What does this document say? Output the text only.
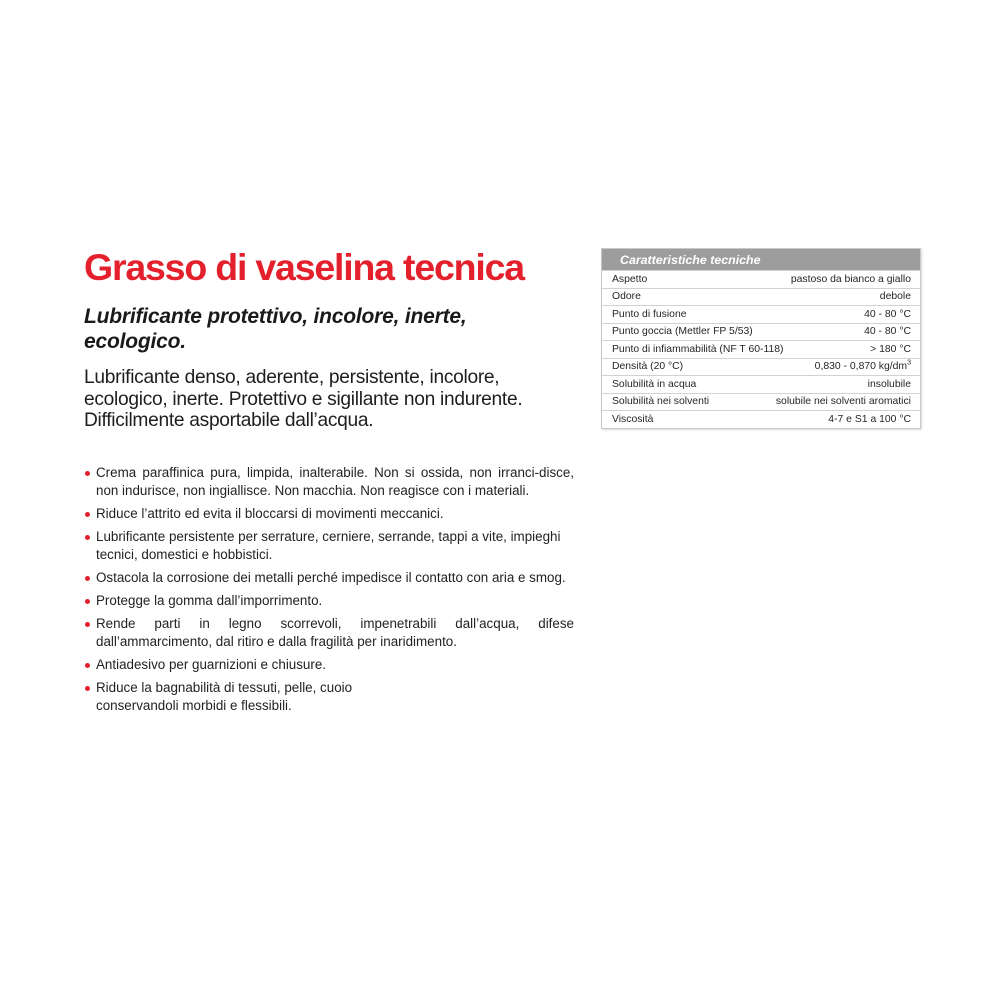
Grasso di vaselina tecnica
Lubrificante protettivo, incolore, inerte, ecologico.

Lubrificante denso, aderente, persistente, incolore, ecologico, inerte. Protettivo e sigillante non indurente. Difficilmente asportabile dall’acqua.

Crema paraffinica pura, limpida, inalterabile. Non si ossida, non irranci-disce, non indurisce, non ingiallisce. Non macchia. Non reagisce con i materiali.
Riduce l’attrito ed evita il bloccarsi di movimenti meccanici.
Lubrificante persistente per serrature, cerniere, serrande, tappi a vite, impieghi tecnici, domestici e hobbistici.
Ostacola la corrosione dei metalli perché impedisce il contatto con aria e smog.
Protegge la gomma dall’imporrimento.
Rende parti in legno scorrevoli, impenetrabili dall’acqua, difese dall’ammarcimento, dal ritiro e dalla fragilità per inaridimento.
Antiadesivo per guarnizioni e chiusure.
Riduce la bagnabilità di tessuti, pelle, cuoio conservandoli morbidi e flessibili.
Caratteristiche tecniche
Aspetto	pastoso da bianco a giallo
Odore	debole
Punto di fusione	40 - 80 °C
Punto goccia (Mettler FP 5/53)	40 - 80 °C
Punto di infiammabilità (NF T 60-118)	> 180 °C
Densità (20 °C)	0,830 - 0,870 $kg/dm^3$
Solubilità in acqua	insolubile
Solubilità nei solventi	solubile nei solventi aromatici
Viscosità	4-7 e S1 a 100 °C
